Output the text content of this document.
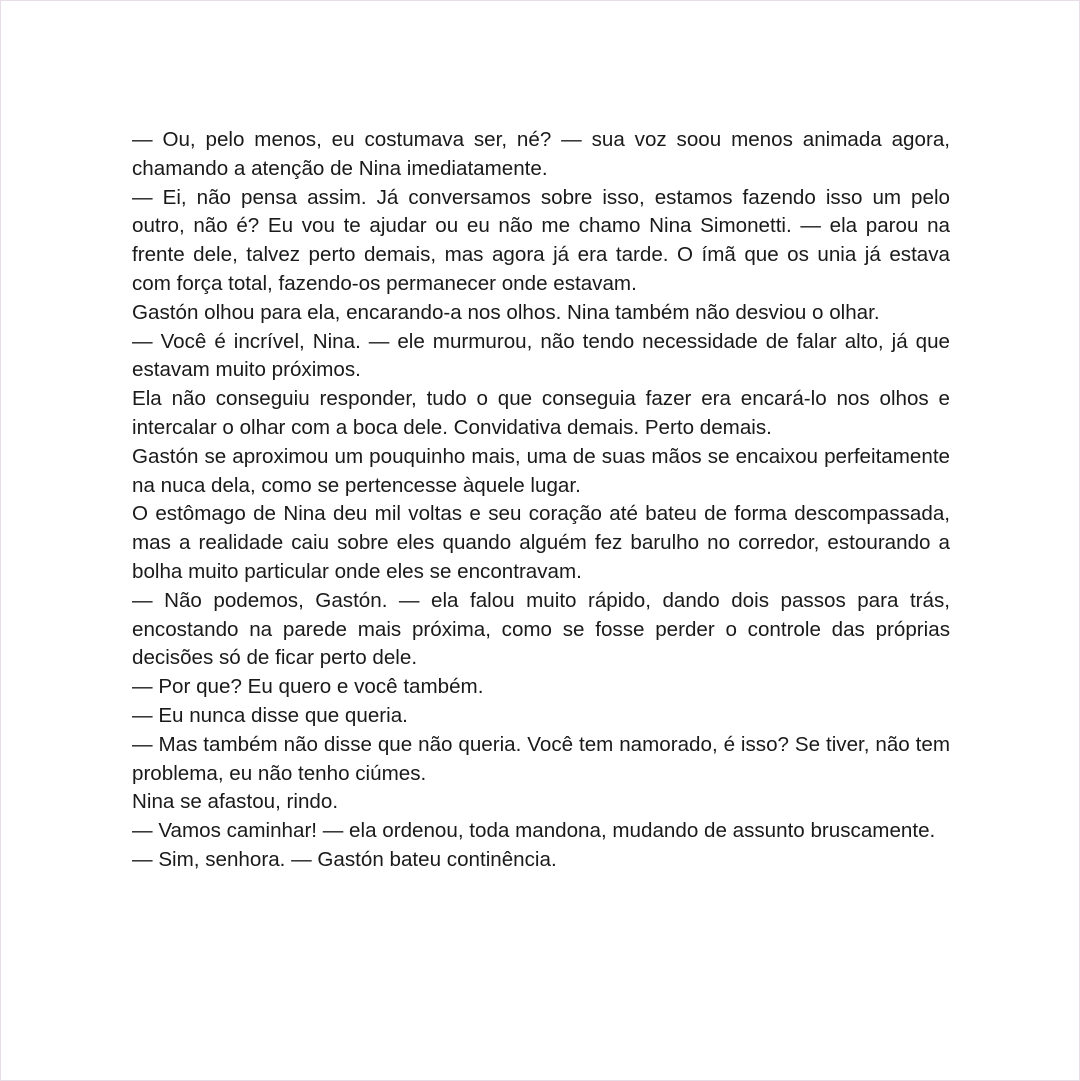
— Ou, pelo menos, eu costumava ser, né? — sua voz soou menos animada agora, chamando a atenção de Nina imediatamente.

— Ei, não pensa assim. Já conversamos sobre isso, estamos fazendo isso um pelo outro, não é? Eu vou te ajudar ou eu não me chamo Nina Simonetti. — ela parou na frente dele, talvez perto demais, mas agora já era tarde. O ímã que os unia já estava com força total, fazendo-os permanecer onde estavam.

Gastón olhou para ela, encarando-a nos olhos. Nina também não desviou o olhar.

— Você é incrível, Nina. — ele murmurou, não tendo necessidade de falar alto, já que estavam muito próximos.

Ela não conseguiu responder, tudo o que conseguia fazer era encará-lo nos olhos e intercalar o olhar com a boca dele. Convidativa demais. Perto demais.

Gastón se aproximou um pouquinho mais, uma de suas mãos se encaixou perfeitamente na nuca dela, como se pertencesse àquele lugar.

O estômago de Nina deu mil voltas e seu coração até bateu de forma descompassada, mas a realidade caiu sobre eles quando alguém fez barulho no corredor, estourando a bolha muito particular onde eles se encontravam.

— Não podemos, Gastón. — ela falou muito rápido, dando dois passos para trás, encostando na parede mais próxima, como se fosse perder o controle das próprias decisões só de ficar perto dele.

— Por que? Eu quero e você também.

— Eu nunca disse que queria.

— Mas também não disse que não queria. Você tem namorado, é isso? Se tiver, não tem problema, eu não tenho ciúmes.

Nina se afastou, rindo.

— Vamos caminhar! — ela ordenou, toda mandona, mudando de assunto bruscamente.

— Sim, senhora. — Gastón bateu continência.
